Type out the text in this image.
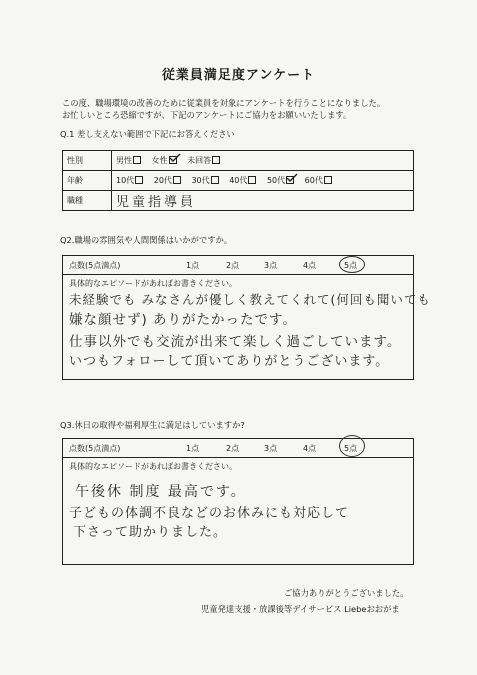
従業員満足度アンケート
この度、職場環境の改善のために従業員を対象にアンケートを行うことになりました。
お忙しいところ恐縮ですが、下記のアンケートにご協力をお願いいたします。
Q.1 差し支えない範囲で下記にお答えください
性別	男性 女性 未回答
年齢	10代 20代 30代 40代 50代 60代
職種	児童指導員
Q2.職場の雰囲気や人間関係はいかがですか。
点数(5点満点)	1点	2点	3点	4点	5点
具体的なエピソードがあればお書きください。
未経験でも みなさんが優しく教えてくれて(何回も聞いても
嫌な顔せず) ありがたかったです。
仕事以外でも交流が出来て楽しく過ごしています。
いつもフォローして頂いてありがとうございます。
Q3.休日の取得や福利厚生に満足はしていますか?
点数(5点満点)	1点	2点	3点	4点	5点
具体的なエピソードがあればお書きください。
午後休 制度 最高です。
子どもの体調不良などのお休みにも対応して
下さって助かりました。
ご協力ありがとうございました。
児童発達支援・放課後等デイサービス Liebeおおがま
